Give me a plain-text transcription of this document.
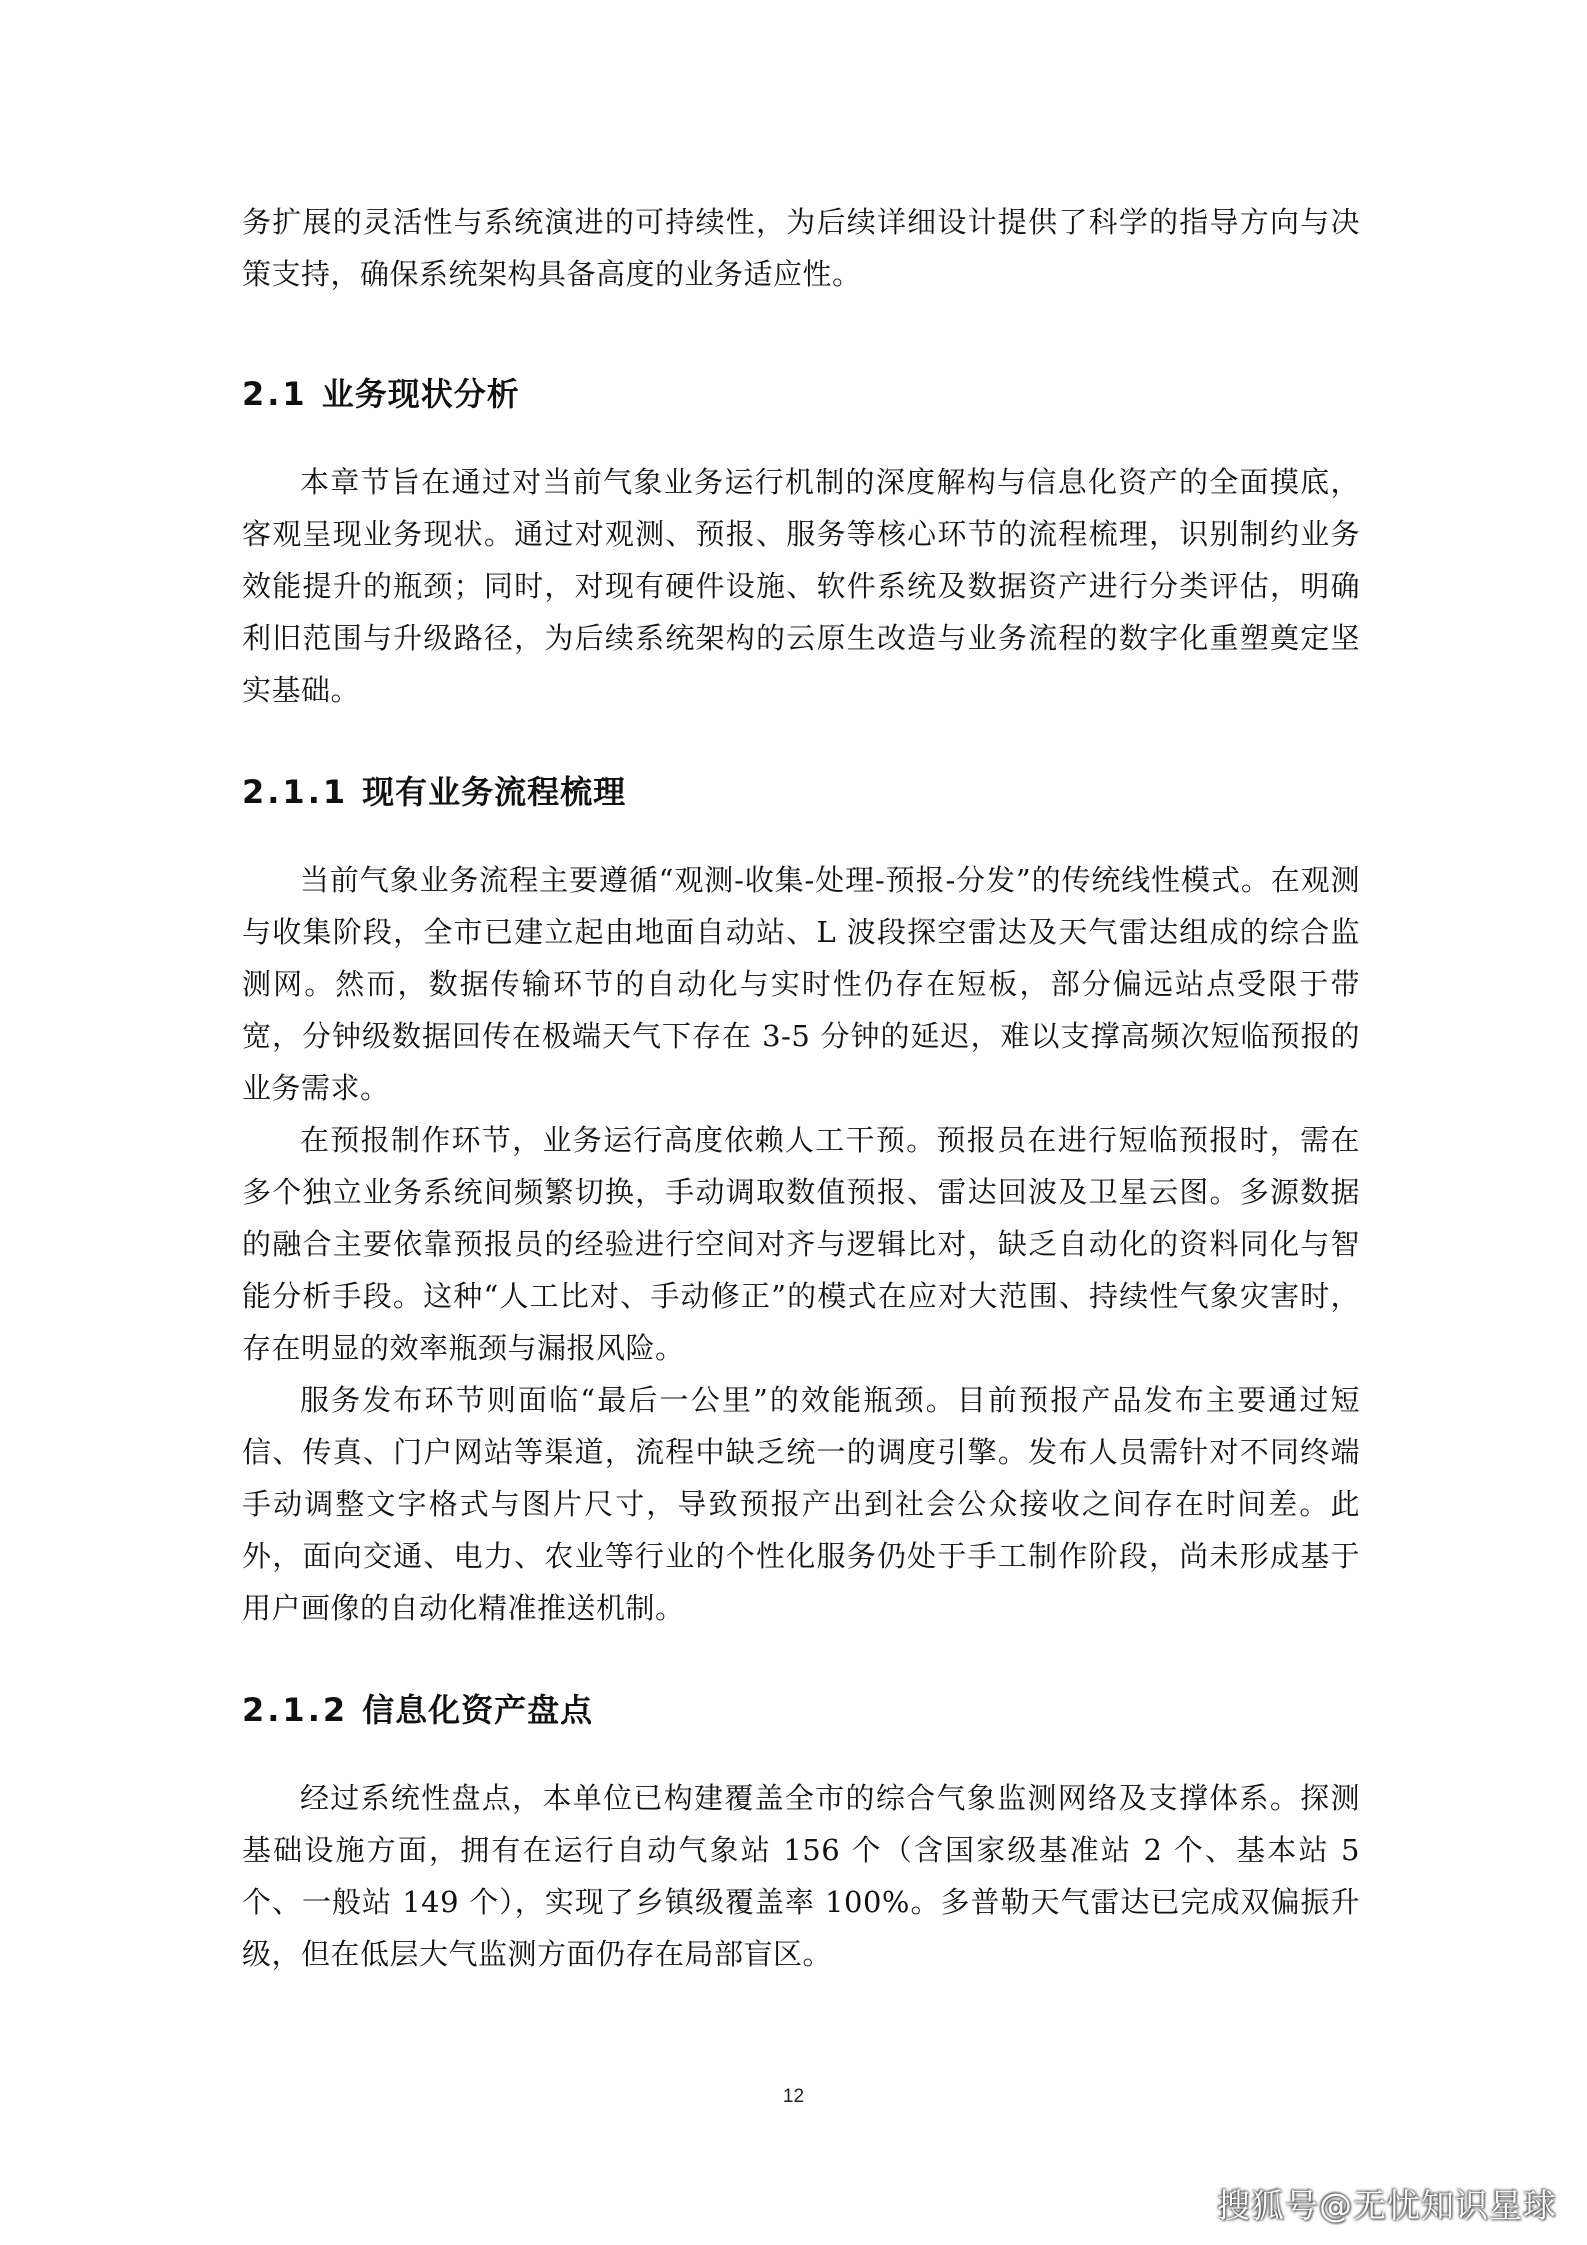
务扩展的灵活性与系统演进的可持续性，为后续详细设计提供了科学的指导方向与决策支持，确保系统架构具备高度的业务适应性。

2.1 业务现状分析

本章节旨在通过对当前气象业务运行机制的深度解构与信息化资产的全面摸底，客观呈现业务现状。通过对观测、预报、服务等核心环节的流程梳理，识别制约业务效能提升的瓶颈；同时，对现有硬件设施、软件系统及数据资产进行分类评估，明确利旧范围与升级路径，为后续系统架构的云原生改造与业务流程的数字化重塑奠定坚实基础。

2.1.1 现有业务流程梳理

当前气象业务流程主要遵循“观测-收集-处理-预报-分发”的传统线性模式。在观测与收集阶段，全市已建立起由地面自动站、L 波段探空雷达及天气雷达组成的综合监测网。然而，数据传输环节的自动化与实时性仍存在短板，部分偏远站点受限于带宽，分钟级数据回传在极端天气下存在 3-5 分钟的延迟，难以支撑高频次短临预报的业务需求。

在预报制作环节，业务运行高度依赖人工干预。预报员在进行短临预报时，需在多个独立业务系统间频繁切换，手动调取数值预报、雷达回波及卫星云图。多源数据的融合主要依靠预报员的经验进行空间对齐与逻辑比对，缺乏自动化的资料同化与智能分析手段。这种“人工比对、手动修正”的模式在应对大范围、持续性气象灾害时，存在明显的效率瓶颈与漏报风险。

服务发布环节则面临“最后一公里”的效能瓶颈。目前预报产品发布主要通过短信、传真、门户网站等渠道，流程中缺乏统一的调度引擎。发布人员需针对不同终端手动调整文字格式与图片尺寸，导致预报产出到社会公众接收之间存在时间差。此外，面向交通、电力、农业等行业的个性化服务仍处于手工制作阶段，尚未形成基于用户画像的自动化精准推送机制。

2.1.2 信息化资产盘点

经过系统性盘点，本单位已构建覆盖全市的综合气象监测网络及支撑体系。探测基础设施方面，拥有在运行自动气象站 156 个（含国家级基准站 2 个、基本站 5 个、一般站 149 个），实现了乡镇级覆盖率 100%。多普勒天气雷达已完成双偏振升级，但在低层大气监测方面仍存在局部盲区。

12
搜狐号@无忧知识星球
